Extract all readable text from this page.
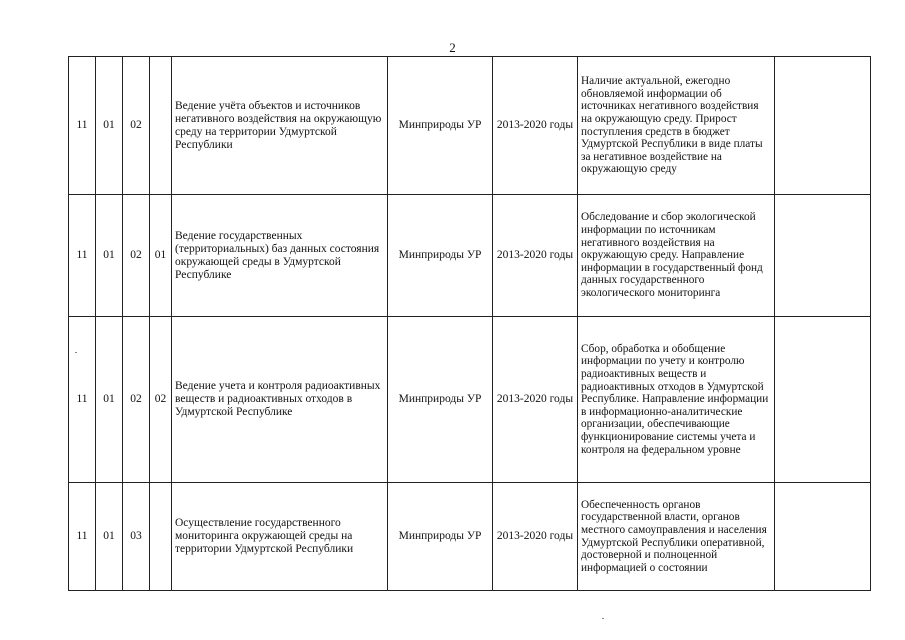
2
11	01	02		Ведение учёта объектов и источников негативного воздействия на окружающую среду на территории Удмуртской Республики	Минприроды УР	2013-2020 годы	Наличие актуальной, ежегодно обновляемой информации об источниках негативного воздействия на окружающую среду. Прирост поступления средств в бюджет Удмуртской Республики в виде платы за негативное воздействие на окружающую среду	
11	01	02	01	Ведение государственных (территориальных) баз данных состояния окружающей среды в Удмуртской Республике	Минприроды УР	2013-2020 годы	Обследование и сбор экологической информации по источникам негативного воздействия на окружающую среду. Направление информации в государственный фонд данных государственного экологического мониторинга	
11	01	02	02	Ведение учета и контроля радиоактивных веществ и радиоактивных отходов в Удмуртской Республике	Минприроды УР	2013-2020 годы	Сбор, обработка и обобщение информации по учету и контролю радиоактивных веществ и радиоактивных отходов в Удмуртской Республике. Направление информации в информационно-аналитические организации, обеспечивающие функционирование системы учета и контроля на федеральном уровне	
11	01	03		Осуществление государственного мониторинга окружающей среды на территории Удмуртской Республики	Минприроды УР	2013-2020 годы	Обеспеченность органов государственной власти, органов местного самоуправления и населения Удмуртской Республики оперативной, достоверной и полноценной информацией о состоянии	
